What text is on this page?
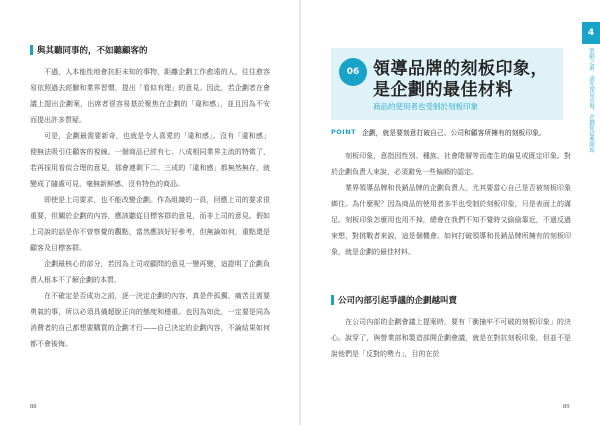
與其聽同事的，不如聽顧客的

不過，人本能性地會抗拒未知的事物，距離企劃工作愈遠的人，往往愈容易依照過去經驗和業界習慣，提出「看似有理」的意見。因此，若企劃者在會議上提出企劃案，出席者很容易基於聚焦在企劃的「違和感」，並且因為不安而提出許多質疑。

可是，企劃最需要新奇，也就是令人喜愛的「違和感」。沒有「違和感」便無法吸引住顧客的視線。一個商品已經有七、八成相同業界主流的特徵了，若再採用看似合理的意見，那會連剩下二、三成的「違和感」都無然無存，就變成了隨處可見、毫無新鮮感、沒有特色的商品。

即使是上司要求，也不能改變企劃。作為組織的一員，回應上司的要求很重要，但關於企劃的內容，應該聽從目標客群的意見，而非上司的意見。假如上司說的話是你不曾察覺的觀點，當然應該好好參考，但無論如何，重點還是顧客及目標客群。

企劃最核心的部分，若因為上司或顧問的意見一變再變，這證明了企劃負責人根本不了解企劃的本質。

在不確定是否成功之前，逐一決定企劃的內容，真是件孤獨、痛苦且需要勇氣的事，所以必須具備超脫正向的態度和穩重。也因為如此，一定要是同為消費者的自己都想要購買的企劃才行——自己決定的企劃內容，不論結果如何都不會後悔。

88
4
勞動之前，請先預見市場，企劃從這裡開始
06 領導品牌的刻板印象，
是企劃的最佳材料
商品的使用者也受制於刻板印象
POINT 企劃，就是要刻意打破自己、公司和顧客所擁有的刻板印象。

刻板印象，意指因性別、種族、社會階層等而產生的偏見或既定印象。對於企劃負責人來說，必須避免一些偏頗的認定。

業界領導品牌和長銷品牌的企劃負責人，尤其要當心自己是否被刻板印象綁住。為什麼呢？因為商品的使用者多半也受制於刻板印象，只是表面上的滿足。刻板印象怎麼用也用不掉，總會在我們不知不覺時又偷偷靠近，不過反過來想，對挑戰者來說，這是個機會。如何打破領導和長銷品牌所擁有的刻板印象，就是企劃的最佳材料。

公司內部引起爭議的企劃越叫賣

在公司內部的企劃會議上提案時，要有「衝撞牢不可破的刻板印象」的決心。說穿了，與營業部和製造部開企劃會議，就是在對抗刻板印象，但並不是說他們是「反對的勢力」，目的在於

89
